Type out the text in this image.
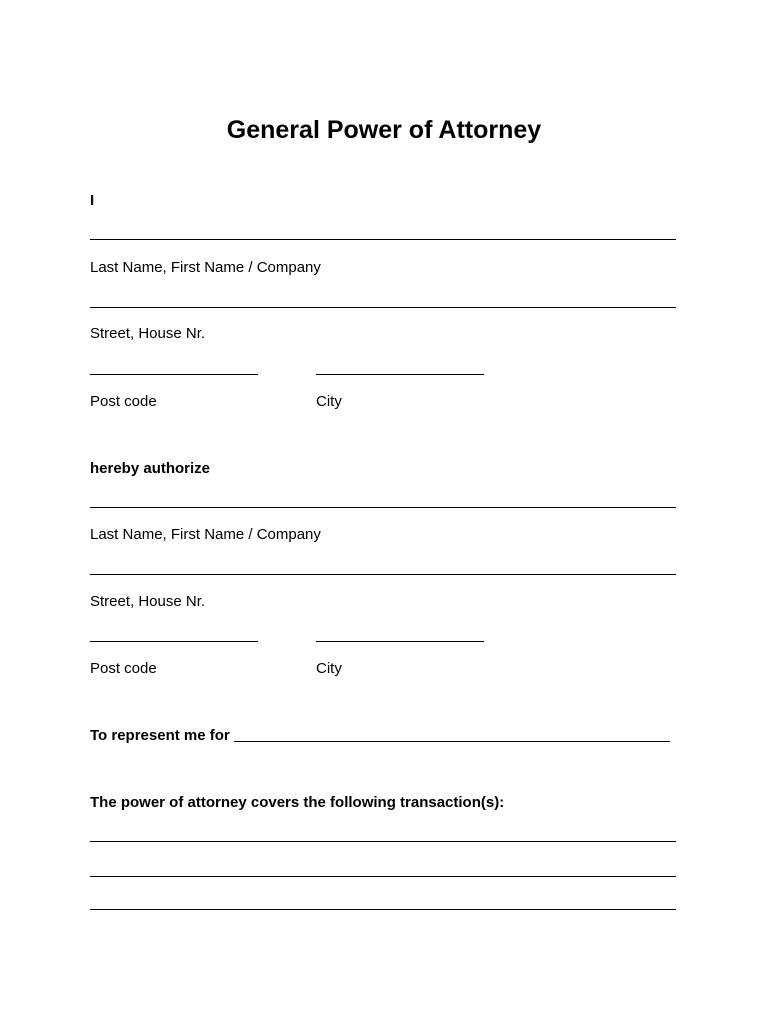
General Power of Attorney
I
Last Name, First Name / Company
Street, House Nr.
Post code	City
hereby authorize
Last Name, First Name / Company
Street, House Nr.
Post code	City
To represent me for
The power of attorney covers the following transaction(s):
